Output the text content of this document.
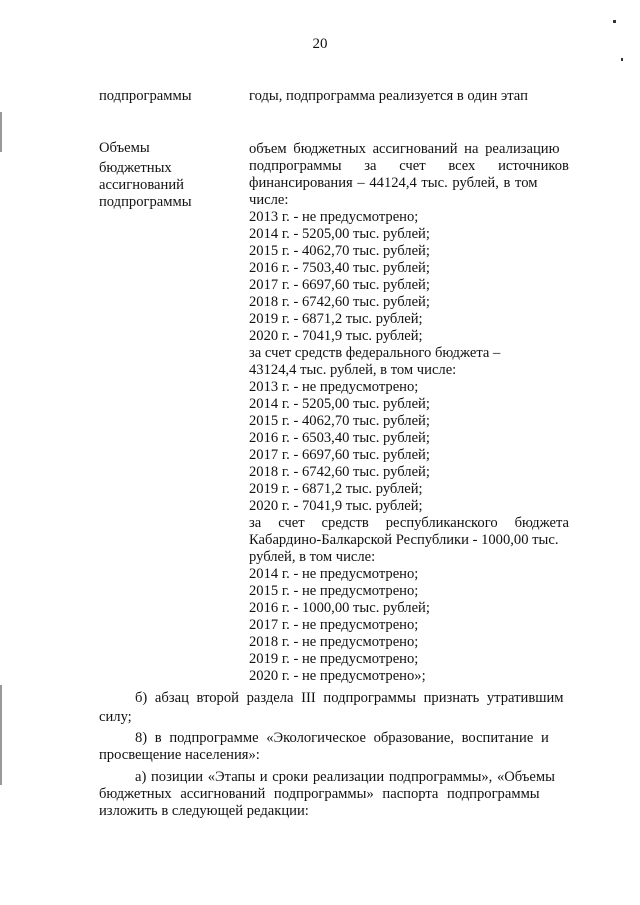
20
подпрограммы	годы, подпрограмма реализуется в один этап
Объемы
бюджетных
ассигнований
подпрограммы
объем бюджетных ассигнований на реализацию
подпрограммы за счет всех источников
финансирования – 44124,4 тыс. рублей, в том
числе:
2013 г. - не предусмотрено;
2014 г. - 5205,00 тыс. рублей;
2015 г. - 4062,70 тыс. рублей;
2016 г. - 7503,40 тыс. рублей;
2017 г. - 6697,60 тыс. рублей;
2018 г. - 6742,60 тыс. рублей;
2019 г. - 6871,2 тыс. рублей;
2020 г. - 7041,9 тыс. рублей;
за счет средств федерального бюджета –
43124,4 тыс. рублей, в том числе:
2013 г. - не предусмотрено;
2014 г. - 5205,00 тыс. рублей;
2015 г. - 4062,70 тыс. рублей;
2016 г. - 6503,40 тыс. рублей;
2017 г. - 6697,60 тыс. рублей;
2018 г. - 6742,60 тыс. рублей;
2019 г. - 6871,2 тыс. рублей;
2020 г. - 7041,9 тыс. рублей;
за счет средств республиканского бюджета
Кабардино-Балкарской Республики - 1000,00 тыс.
рублей, в том числе:
2014 г. - не предусмотрено;
2015 г. - не предусмотрено;
2016 г. - 1000,00 тыс. рублей;
2017 г. - не предусмотрено;
2018 г. - не предусмотрено;
2019 г. - не предусмотрено;
2020 г. - не предусмотрено»;
б) абзац второй раздела III подпрограммы признать утратившим
силу;
8) в подпрограмме «Экологическое образование, воспитание и
просвещение населения»:
а) позиции «Этапы и сроки реализации подпрограммы», «Объемы
бюджетных ассигнований подпрограммы» паспорта подпрограммы
изложить в следующей редакции:
